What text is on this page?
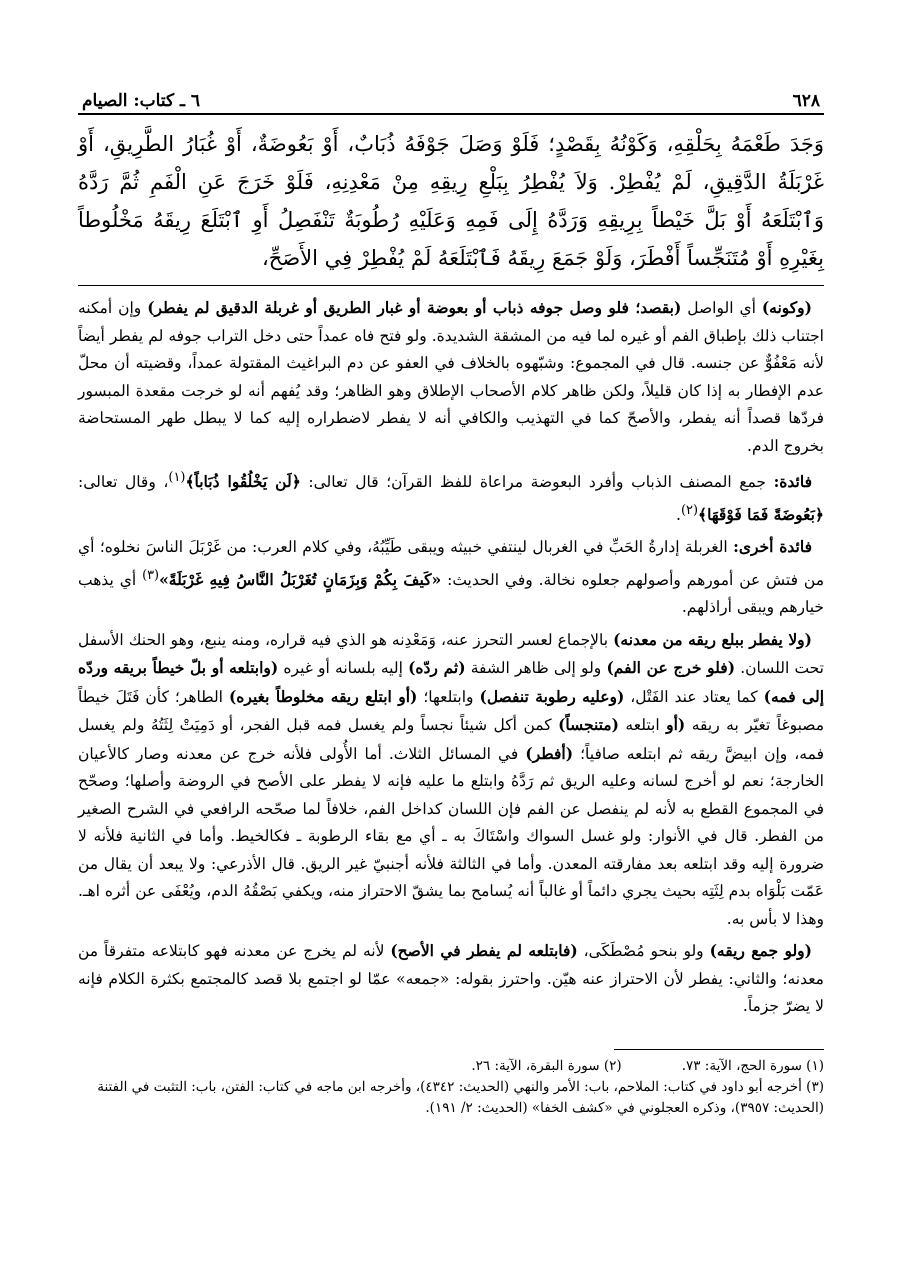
٦٢٨
٦ ـ كتاب: الصيام
وَجَدَ طَعْمَهُ بِحَلْقِهِ، وَكَوْنُهُ بِقَصْدٍ؛ فَلَوْ وَصَلَ جَوْفَهُ ذُبَابٌ، أَوْ بَعُوضَةٌ، أَوْ غُبَارُ الطَّرِيقِ، أَوْ غَرْبَلَةُ الدَّقِيقِ، لَمْ يُفْطِرْ. وَلاَ يُفْطِرُ بِبَلْعِ رِيقِهِ مِنْ مَعْدِنِهِ، فَلَوْ خَرَجَ عَنِ الْفَمِ ثُمَّ رَدَّهُ وَٱبْتَلَعَهُ أَوْ بَلَّ خَيْطاً بِرِيقِهِ وَرَدَّهُ إِلَى فَمِهِ وَعَلَيْهِ رُطُوبَةٌ تَنْفَصِلُ أَوِ ٱبْتَلَعَ رِيقَهُ مَخْلُوطاً بِغَيْرِهِ أَوْ مُتَنَجِّساً أَفْطَرَ، وَلَوْ جَمَعَ رِيقَهُ فَٱبْتَلَعَهُ لَمْ يُفْطِرْ فِي الأَصَحِّ،

(وكونه) أي الواصل (بقصد؛ فلو وصل جوفه ذباب أو بعوضة أو غبار الطريق أو غربلة الدقيق لم يفطر) وإن أمكنه اجتناب ذلك بإطباق الفم أو غيره لما فيه من المشقة الشديدة. ولو فتح فاه عمداً حتى دخل التراب جوفه لم يفطر أيضاً لأنه مَعْفُوٌّ عن جنسه. قال في المجموع: وشبّهوه بالخلاف في العفو عن دم البراغيث المقتولة عمداً، وقضيته أن محلّ عدم الإفطار به إذا كان قليلاً، ولكن ظاهر كلام الأصحاب الإطلاق وهو الظاهر؛ وقد يُفهم أنه لو خرجت مقعدة المبسور فردّها قصداً أنه يفطر، والأصحّ كما في التهذيب والكافي أنه لا يفطر لاضطراره إليه كما لا يبطل طهر المستحاضة بخروج الدم.

فائدة: جمع المصنف الذباب وأفرد البعوضة مراعاة للفظ القرآن؛ قال تعالى: ﴿لَن يَخْلُقُوا ذُبَاباً﴾$^{(١)}$، وقال تعالى: ﴿بَعُوضَةً فَمَا فَوْقَهَا﴾$^{(٢)}$.

فائدة أخرى: الغربلة إدارةُ الحَبِّ في الغربال لينتفي خبيثه ويبقى طَيِّبُهُ، وفي كلام العرب: من غَرْبَلَ الناسَ نخلوه؛ أي من فتش عن أمورهم وأصولهم جعلوه نخالة. وفي الحديث: «كَيفَ بِكُمْ وَبِزَمَانٍ تُغَرْبَلُ النَّاسُ فِيهِ غَرْبَلَةً»$^{(٣)}$ أي يذهب خيارهم ويبقى أراذلهم.

(ولا يفطر ببلع ريقه من معدنه) بالإجماع لعسر التحرز عنه، وَمَعْدِنه هو الذي فيه قراره، ومنه ينبع، وهو الحنك الأسفل تحت اللسان. (فلو خرج عن الفم) ولو إلى ظاهر الشفة (ثم ردّه) إليه بلسانه أو غيره (وابتلعه أو بلّ خيطاً بريقه وردّه إلى فمه) كما يعتاد عند الفَتْل، (وعليه رطوبة تنفصل) وابتلعها؛ (أو ابتلع ريقه مخلوطاً بغيره) الطاهر؛ كأن فَتَلَ خيطاً مصبوغاً تغيّر به ريقه (أو ابتلعه (متنجساً) كمن أكل شيئاً نجساً ولم يغسل فمه قبل الفجر، أو دَمِيَتْ لِثَتُهُ ولم يغسل فمه، وإن ابيضَّ ريقه ثم ابتلعه صافياً؛ (أفطر) في المسائل الثلاث. أما الأُولى فلأنه خرج عن معدنه وصار كالأعيان الخارجة؛ نعم لو أخرج لسانه وعليه الريق ثم رَدَّهُ وابتلع ما عليه فإنه لا يفطر على الأصح في الروضة وأصلها؛ وصحّح في المجموع القطع به لأنه لم ينفصل عن الفم فإن اللسان كداخل الفم، خلافاً لما صحّحه الرافعي في الشرح الصغير من الفطر. قال في الأنوار: ولو غسل السواك واسْتَاكَ به ـ أي مع بقاء الرطوبة ـ فكالخيط. وأما في الثانية فلأنه لا ضرورة إليه وقد ابتلعه بعد مفارقته المعدن. وأما في الثالثة فلأنه أجنبيّ غير الريق. قال الأذرعي: ولا يبعد أن يقال من عَمّت بَلْوَاه بدم لِثَتِه بحيث يجري دائماً أو غالباً أنه يُسامح بما يشقّ الاحتراز منه، ويكفي بَصْقُهُ الدم، ويُعْفَى عن أثره اهـ. وهذا لا بأس به.

(ولو جمع ريقه) ولو بنحو مُصْطَكَى، (فابتلعه لم يفطر في الأصح) لأنه لم يخرج عن معدنه فهو كابتلاعه متفرقاً من معدنه؛ والثاني: يفطر لأن الاحتراز عنه هيّن. واحترز بقوله: «جمعه» عمّا لو اجتمع بلا قصد كالمجتمع بكثرة الكلام فإنه لا يضرّ جزماً.

(١) سورة الحج، الآية: ٧٣.

(٢) سورة البقرة، الآية: ٢٦.

(٣) أخرجه أبو داود في كتاب: الملاحم، باب: الأمر والنهي (الحديث: ٤٣٤٢)، وأخرجه ابن ماجه في كتاب: الفتن، باب: التثبت في الفتنة (الحديث: ٣٩٥٧)، وذكره العجلوني في «كشف الخفا» (الحديث: ٢/ ١٩١).
